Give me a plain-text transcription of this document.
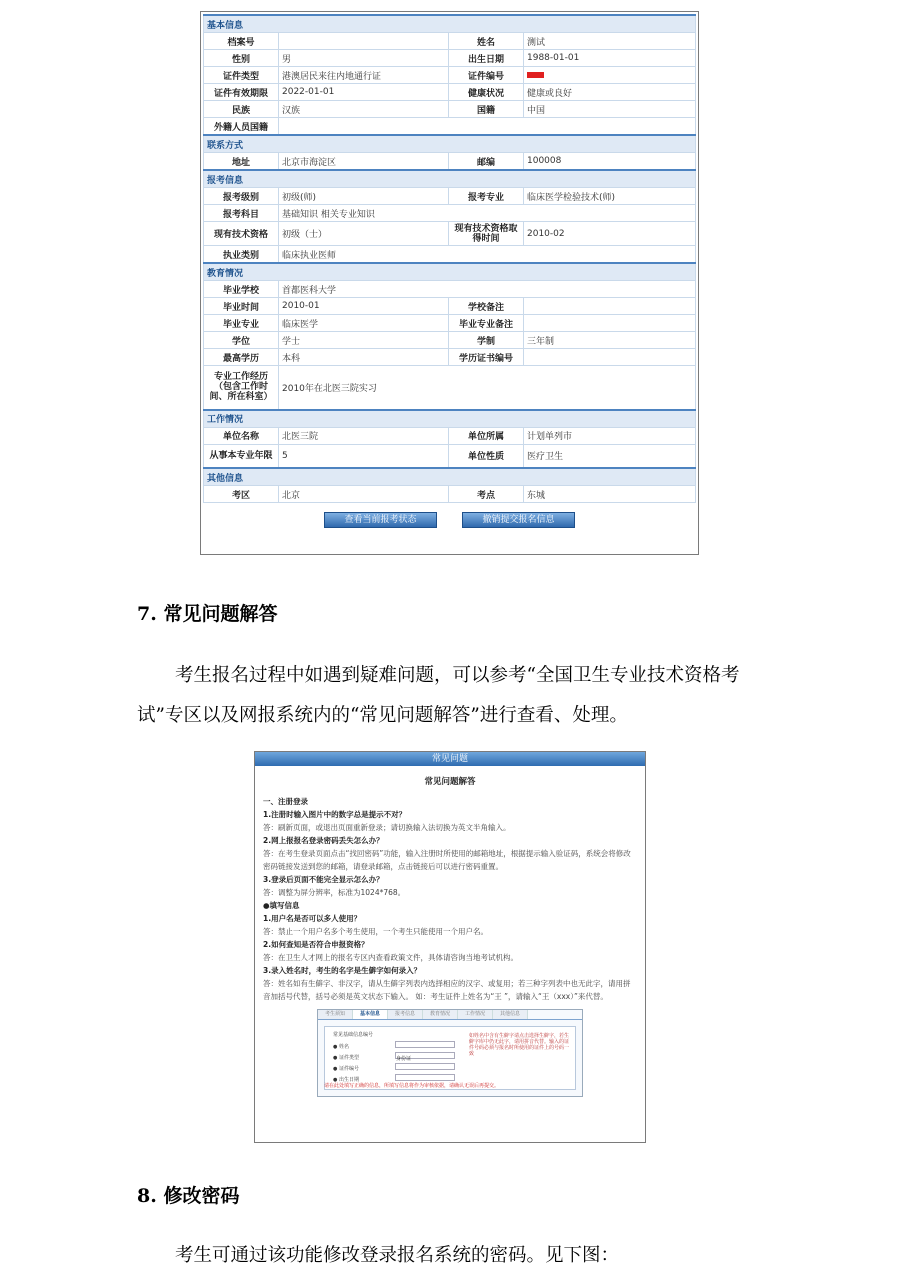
基本信息			
档案号		姓名	测试
性别	男	出生日期	1988-01-01
证件类型	港澳居民来往内地通行证	证件编号	
证件有效期限	2022-01-01	健康状况	健康或良好
民族	汉族	国籍	中国
外籍人员国籍			
联系方式			
地址	北京市海淀区	邮编	100008
报考信息			
报考级别	初级(师)	报考专业	临床医学检验技术(师)
报考科目	基础知识 相关专业知识		
现有技术资格	初级（士）	现有技术资格取得时间	2010-02
执业类别	临床执业医师		
教育情况			
毕业学校	首都医科大学		
毕业时间	2010-01	学校备注	
毕业专业	临床医学	毕业专业备注	
学位	学士	学制	三年制
最高学历	本科	学历证书编号	
专业工作经历（包含工作时间、所在科室）	2010年在北医三院实习		
工作情况			
单位名称	北医三院	单位所属	计划单列市
从事本专业年限	5	单位性质	医疗卫生
其他信息			
考区	北京	考点	东城
查看当前报考状态	撤销提交报名信息
7. 常见问题解答
考生报名过程中如遇到疑难问题，可以参考“全国卫生专业技术资格考试”专区以及网报系统内的“常见问题解答”进行查看、处理。
常见问题
常见问题解答
一、注册登录
1.注册时输入图片中的数字总是提示不对？
答：刷新页面，或退出页面重新登录；请切换输入法切换为英文半角输入。
2.网上报报名登录密码丢失怎么办？
答：在考生登录页面点击“找回密码”功能，输入注册时所使用的邮箱地址，根据提示输入验证码，系统会将修改密码链接发送到您的邮箱，请登录邮箱，点击链接后可以进行密码重置。
3.登录后页面不能完全显示怎么办？
答：调整为屏分辨率，标准为1024*768。
●填写信息
1.用户名是否可以多人使用？
答：禁止一个用户名多个考生使用，一个考生只能使用一个用户名。
2.如何查知是否符合申报资格？
答：在卫生人才网上的报名专区内查看政策文件，具体请咨询当地考试机构。
3.录入姓名时，考生的名字是生僻字如何录入？
答：姓名如有生僻字、非汉字，请从生僻字列表内选择相应的汉字、或复用；若三种字列表中也无此字，请用拼音加括号代替，括号必须是英文状态下输入。 如：考生证件上姓名为“王 ”，请输入“王（xxx）”来代替。
考生须知	基本信息	报考信息	教育情况	工作情况	其他信息
常见基础信息编号
● 姓名
● 证件类型	身份证
● 证件编号
● 出生日期
如姓名中含有生僻字请点击选择生僻字，若生僻字库中仍无此字，请用拼音代替。输入的证件号码必须与报名时所使用的证件上的号码一致
请在此处填写正确的信息，所填写信息将作为审核依据，请确认无误后再提交。
8. 修改密码
考生可通过该功能修改登录报名系统的密码。见下图：
